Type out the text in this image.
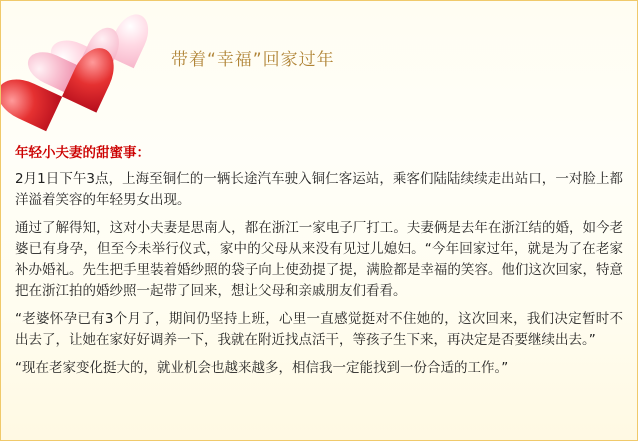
带着“幸福”回家过年
年轻小夫妻的甜蜜事：

2月1日下午3点，上海至铜仁的一辆长途汽车驶入铜仁客运站，乘客们陆陆续续走出站口，一对脸上都洋溢着笑容的年轻男女出现。

通过了解得知，这对小夫妻是思南人，都在浙江一家电子厂打工。夫妻俩是去年在浙江结的婚，如今老婆已有身孕，但至今未举行仪式，家中的父母从来没有见过儿媳妇。“今年回家过年，就是为了在老家补办婚礼。先生把手里装着婚纱照的袋子向上使劲提了提，满脸都是幸福的笑容。他们这次回家，特意把在浙江拍的婚纱照一起带了回来，想让父母和亲戚朋友们看看。

“老婆怀孕已有3个月了，期间仍坚持上班，心里一直感觉挺对不住她的，这次回来，我们决定暂时不出去了，让她在家好好调养一下，我就在附近找点活干，等孩子生下来，再决定是否要继续出去。”

“现在老家变化挺大的，就业机会也越来越多，相信我一定能找到一份合适的工作。”
